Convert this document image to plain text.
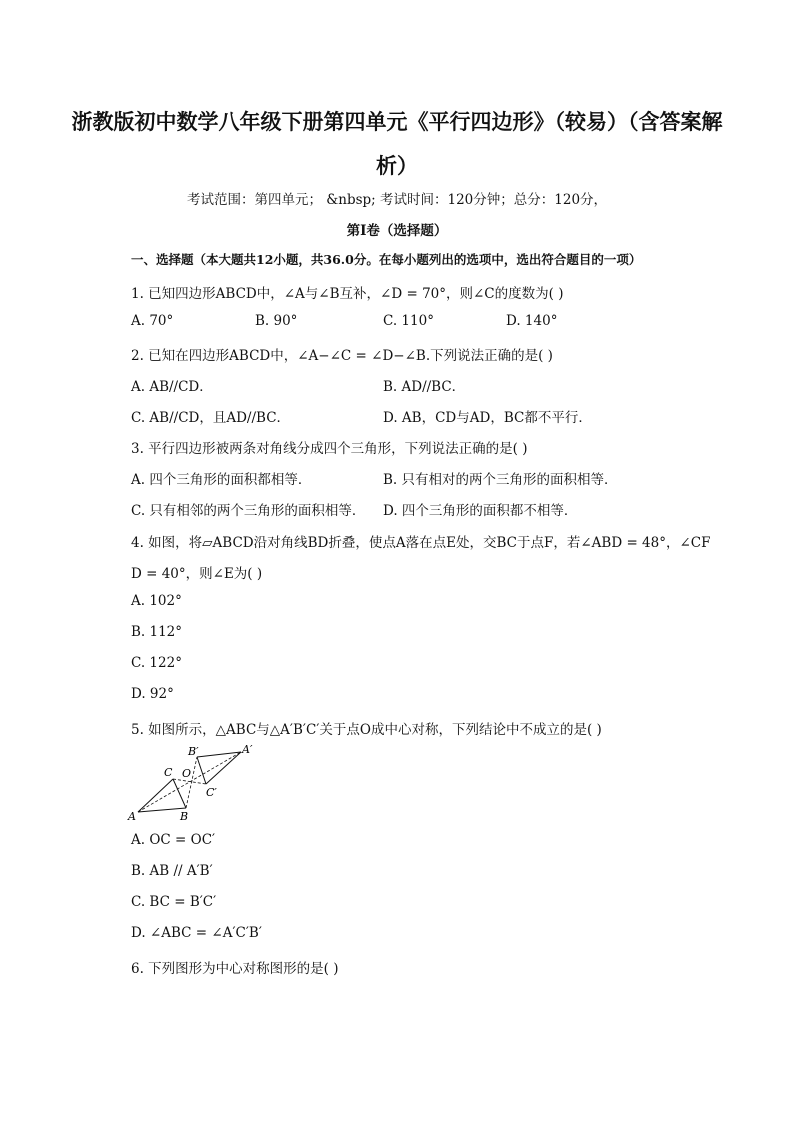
浙教版初中数学八年级下册第四单元《平行四边形》（较易）（含答案解析）
考试范围：第四单元； &nbsp; 考试时间：120分钟；总分：120分，
第I卷（选择题）
一、选择题（本大题共12小题，共36.0分。在每小题列出的选项中，选出符合题目的一项）
1. 已知四边形ABCD中，∠A与∠B互补，∠D = 70°，则∠C的度数为( )
A. 70°	B. 90°	C. 110°	D. 140°
2. 已知在四边形ABCD中，∠A−∠C = ∠D−∠B.下列说法正确的是( )
A. AB//CD．	B. AD//BC．
C. AB//CD，且AD//BC．	D. AB，CD与AD，BC都不平行．
3. 平行四边形被两条对角线分成四个三角形，下列说法正确的是( )
A. 四个三角形的面积都相等．	B. 只有相对的两个三角形的面积相等．
C. 只有相邻的两个三角形的面积相等． D. 四个三角形的面积都不相等．
4. 如图，将▱ABCD沿对角线BD折叠，使点A落在点E处，交BC于点F，若∠ABD = 48°，∠CF
D = 40°，则∠E为( )
A. 102°
B. 112°
C. 122°
D. 92°
5. 如图所示，△ABC与△A′B′C′关于点O成中心对称，下列结论中不成立的是( )
A	B
C O
A′
B′
C′
A. OC = OC′
B. AB // A′B′
C. BC = B′C′
D. ∠ABC = ∠A′C′B′
6. 下列图形为中心对称图形的是( )
